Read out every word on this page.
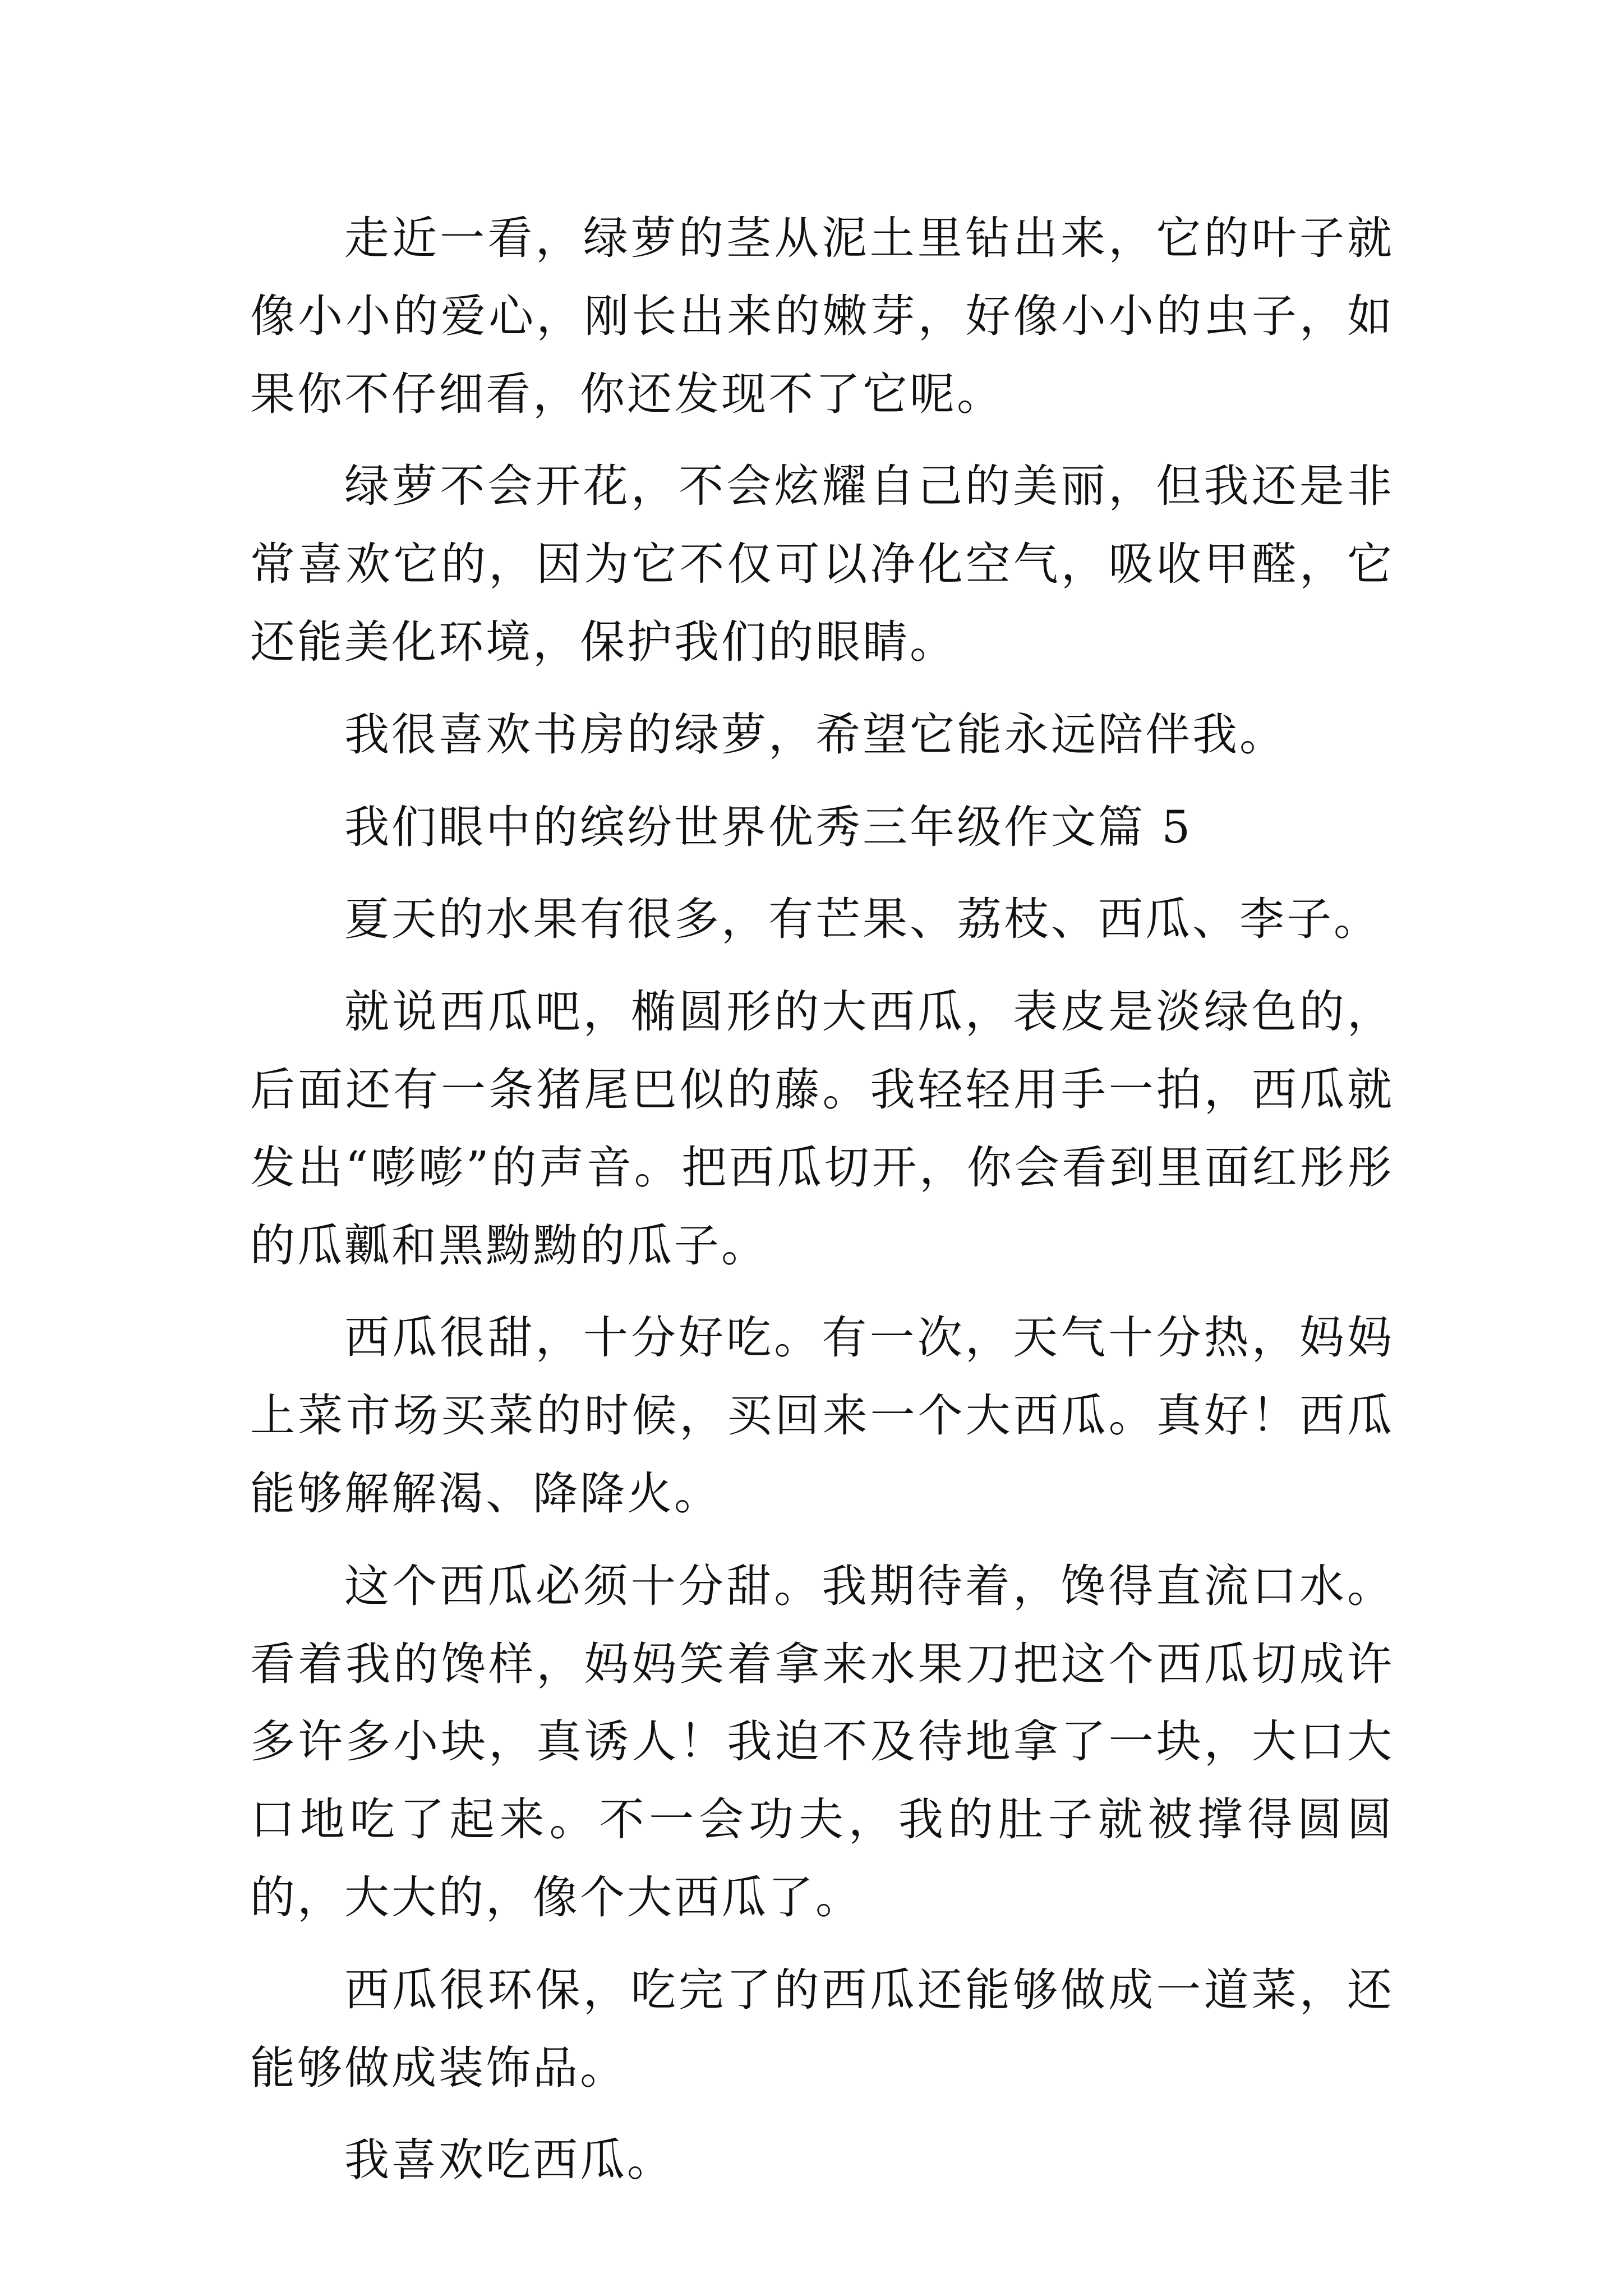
走近一看，绿萝的茎从泥土里钻出来，它的叶子就像小小的爱心，刚长出来的嫩芽，好像小小的虫子，如果你不仔细看，你还发现不了它呢。

绿萝不会开花，不会炫耀自己的美丽，但我还是非常喜欢它的，因为它不仅可以净化空气，吸收甲醛，它还能美化环境，保护我们的眼睛。

我很喜欢书房的绿萝，希望它能永远陪伴我。

我们眼中的缤纷世界优秀三年级作文篇 5

夏天的水果有很多，有芒果、荔枝、西瓜、李子。

就说西瓜吧，椭圆形的大西瓜，表皮是淡绿色的，后面还有一条猪尾巴似的藤。我轻轻用手一拍，西瓜就发出“嘭嘭”的声音。把西瓜切开，你会看到里面红彤彤的瓜瓤和黑黝黝的瓜子。

西瓜很甜，十分好吃。有一次，天气十分热，妈妈上菜市场买菜的时候，买回来一个大西瓜。真好！西瓜能够解解渴、降降火。

这个西瓜必须十分甜。我期待着，馋得直流口水。看着我的馋样，妈妈笑着拿来水果刀把这个西瓜切成许多许多小块，真诱人！我迫不及待地拿了一块，大口大口地吃了起来。不一会功夫，我的肚子就被撑得圆圆的，大大的，像个大西瓜了。

西瓜很环保，吃完了的西瓜还能够做成一道菜，还能够做成装饰品。

我喜欢吃西瓜。
